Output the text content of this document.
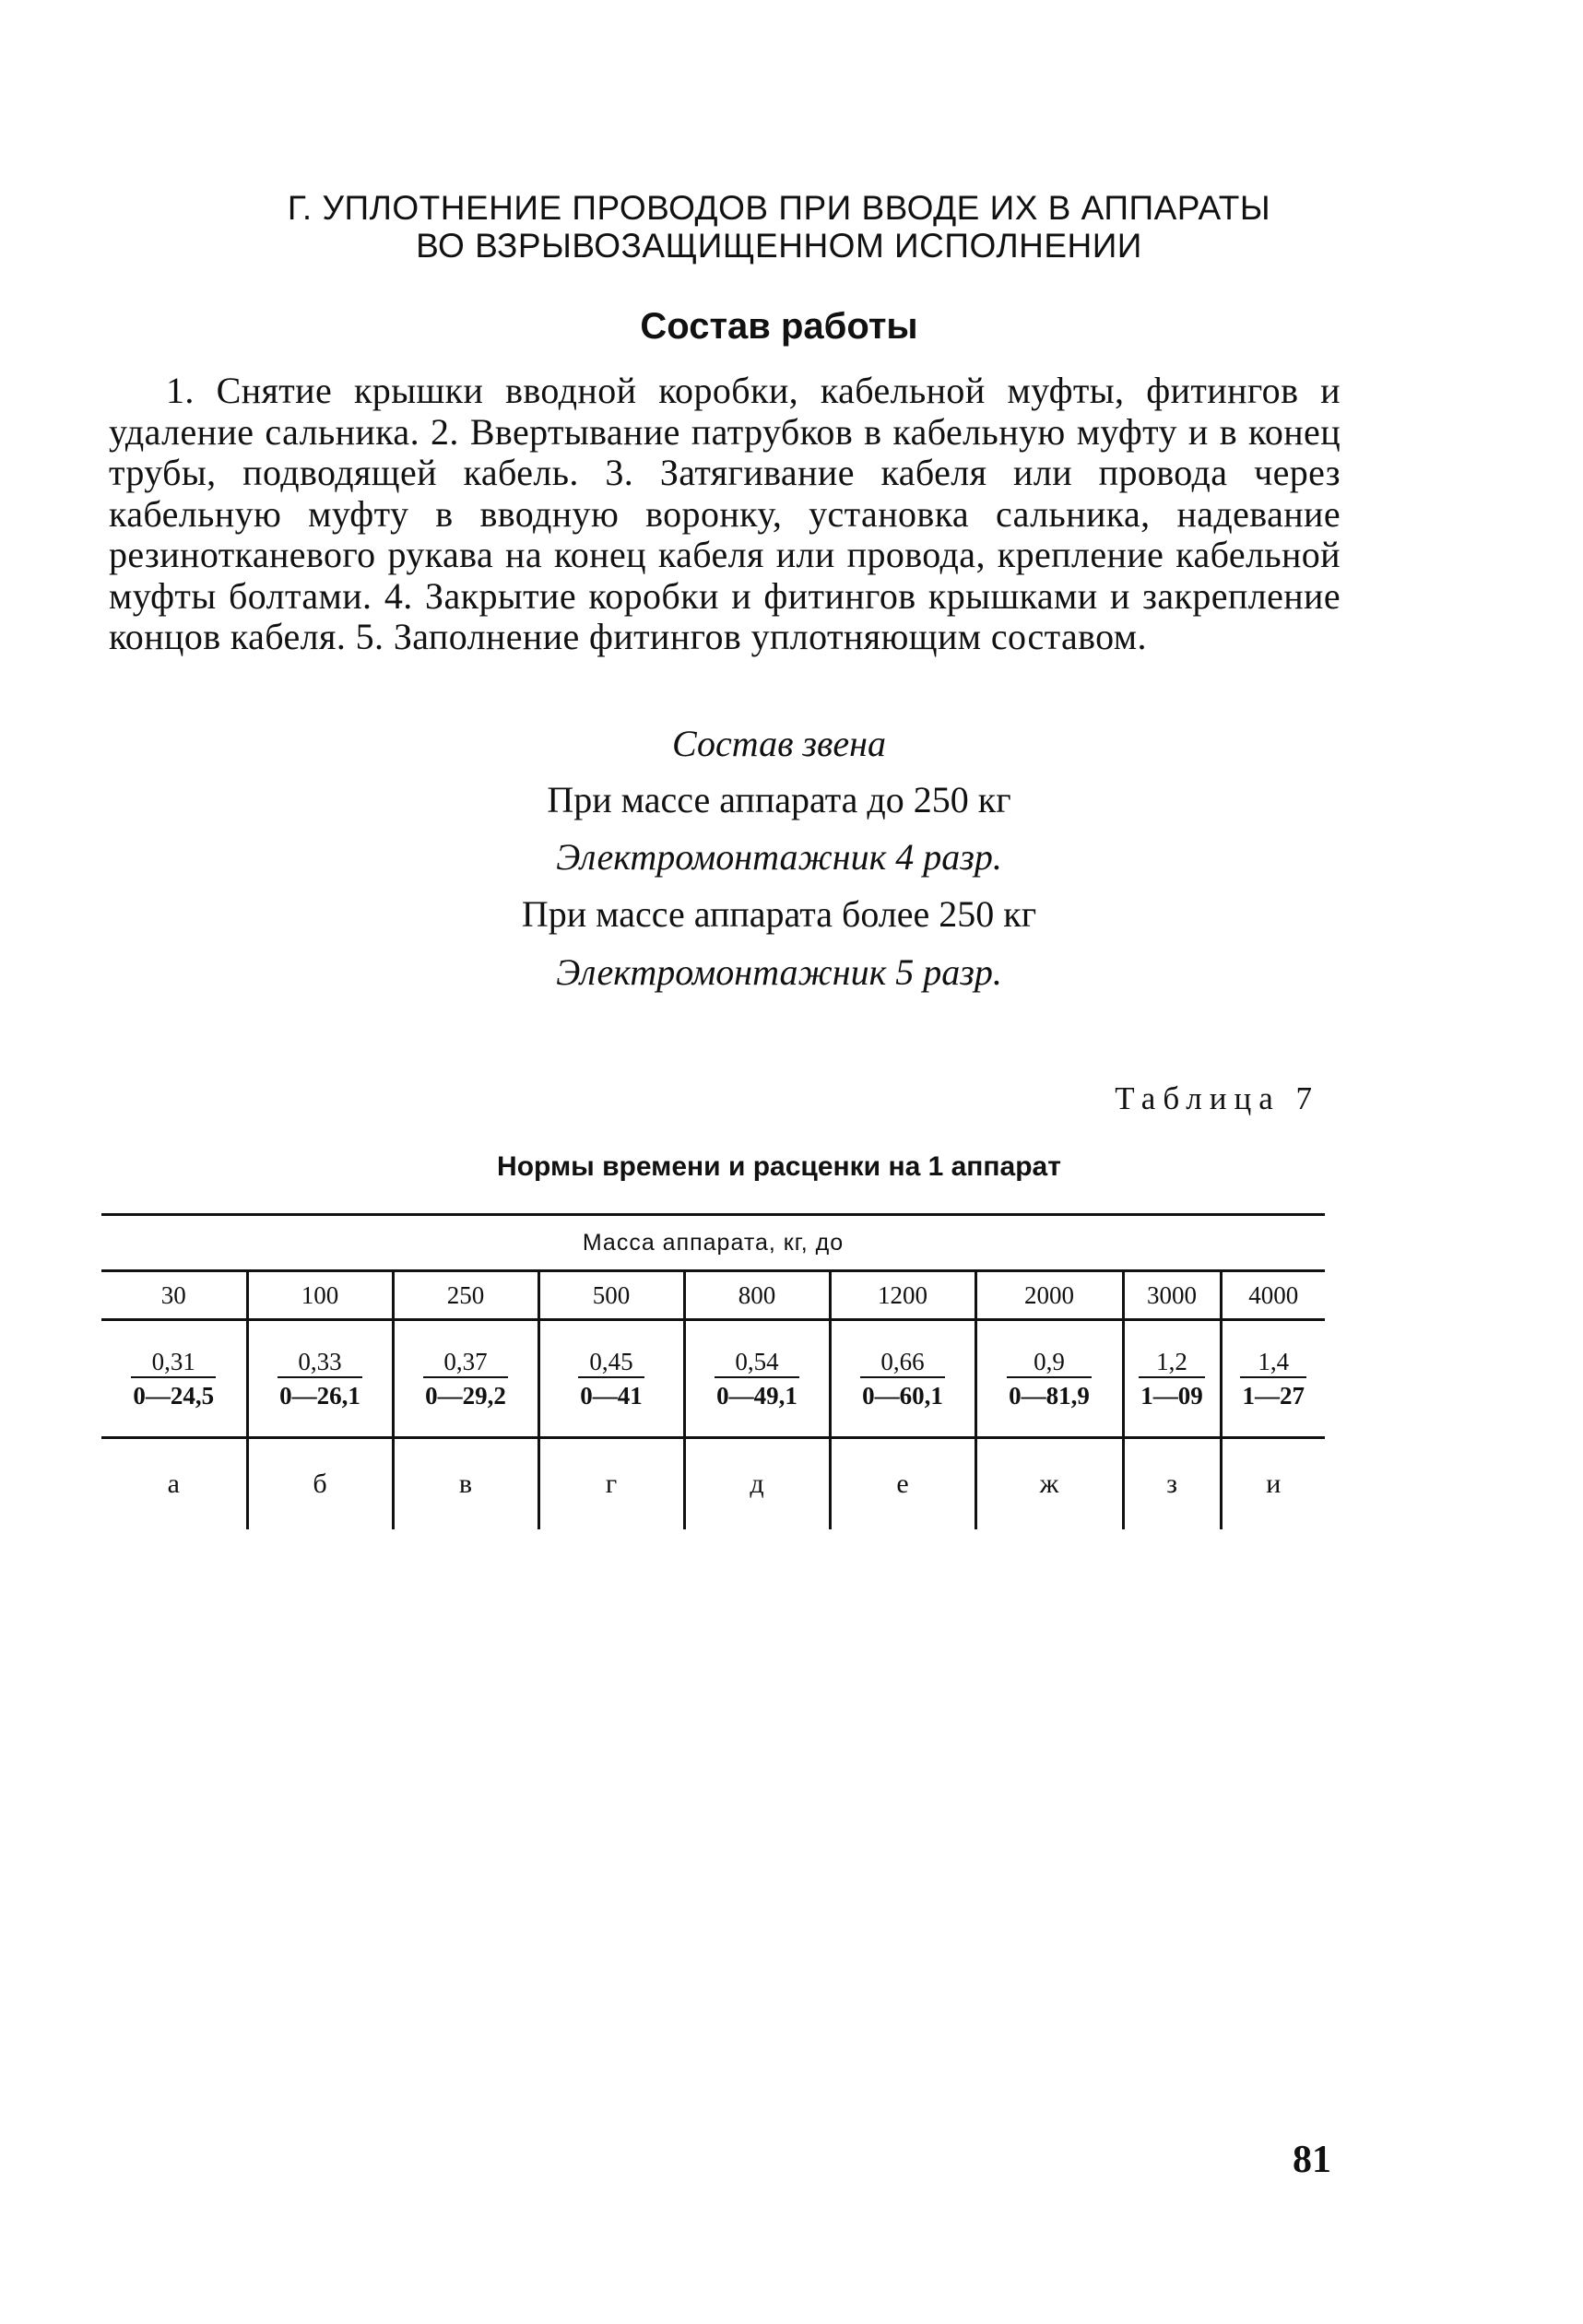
Г. УПЛОТНЕНИЕ ПРОВОДОВ ПРИ ВВОДЕ ИХ В АППАРАТЫ
ВО ВЗРЫВОЗАЩИЩЕННОМ ИСПОЛНЕНИИ
Состав работы
1. Снятие крышки вводной коробки, кабельной муфты, фитингов и удаление сальника. 2. Ввертывание патрубков в кабельную муфту и в конец трубы, подводящей кабель. 3. Затягивание кабеля или провода через кабельную муфту в вводную воронку, установка сальника, надевание резинотканевого рукава на конец кабеля или провода, крепление кабельной муфты болтами. 4. Закрытие коробки и фитингов крышками и закрепление концов кабеля. 5. Заполнение фитингов уплотняющим составом.
Состав звена
При массе аппарата до 250 кг
Электромонтажник 4 разр.
При массе аппарата более 250 кг
Электромонтажник 5 разр.
Таблица 7
Нормы времени и расценки на 1 аппарат
Масса аппарата, кг, до								
30	100	250	500	800	1200	2000	3000	4000

$\frac{0,31}{0—24,5}$	$\frac{0,33}{0—26,1}$	$\frac{0,37}{0—29,2}$	$\frac{0,45}{0—41}$	$\frac{0,54}{0—49,1}$	$\frac{0,66}{0—60,1}$	$\frac{0,9}{0—81,9}$	$\frac{1,2}{1—09}$	$\frac{1,4}{1—27}$

а	б	в	г	д	е	ж	з	и
81
